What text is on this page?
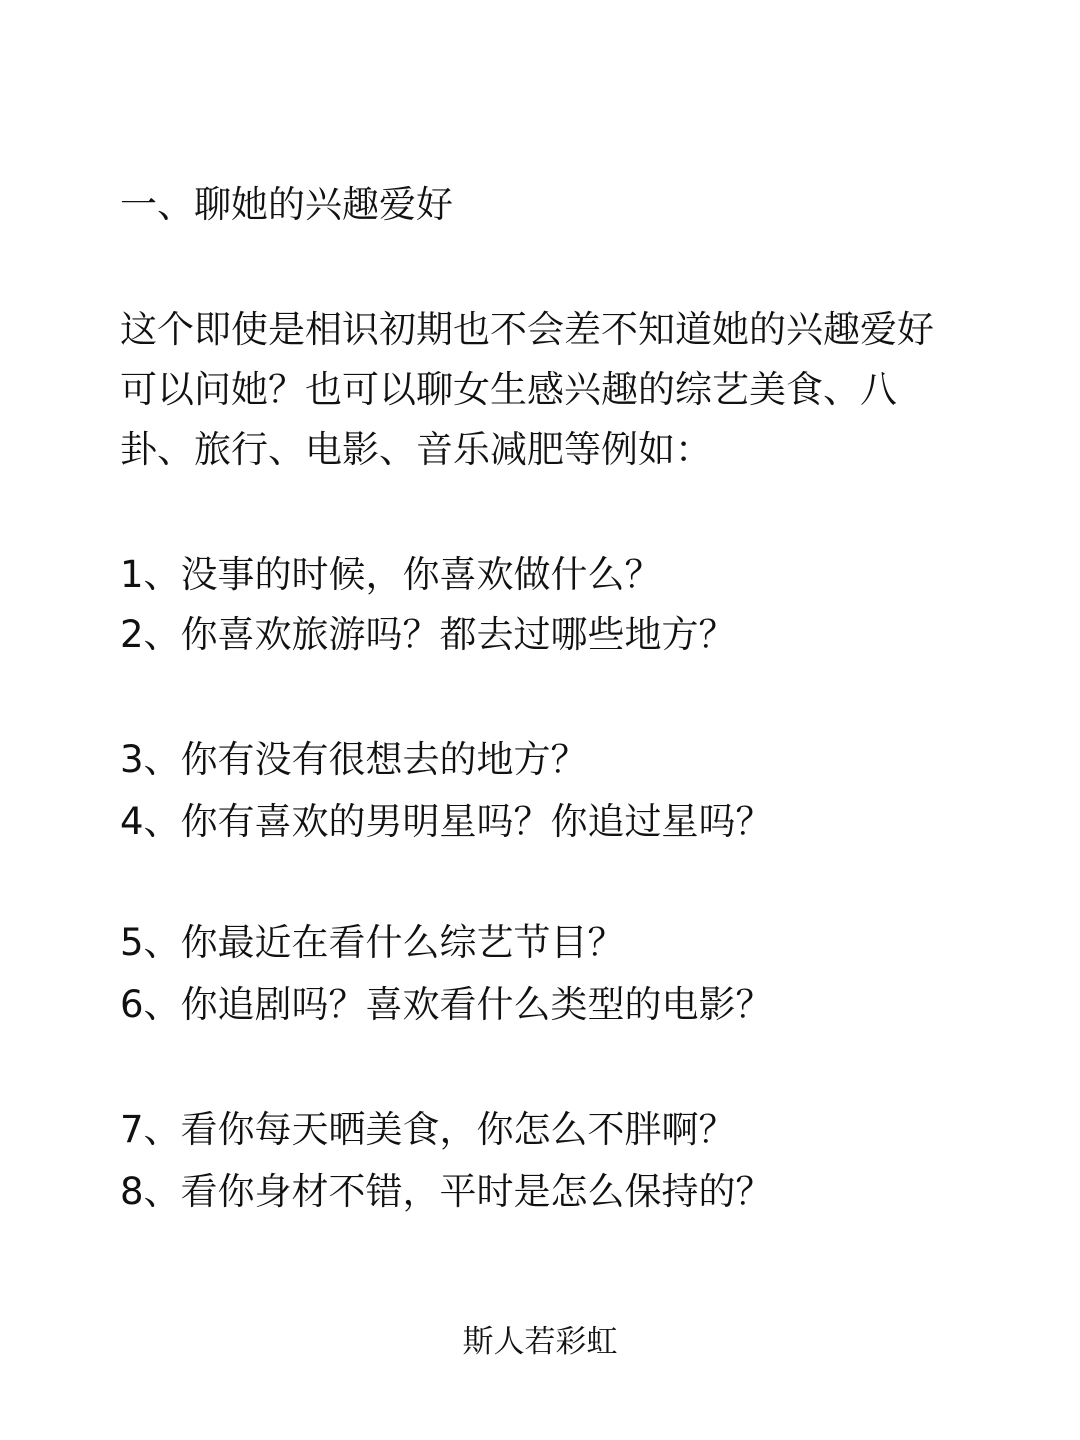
一、聊她的兴趣爱好
这个即使是相识初期也不会差不知道她的兴趣爱好
可以问她？也可以聊女生感兴趣的综艺美食、八
卦、旅行、电影、音乐减肥等例如：
1、没事的时候，你喜欢做什么？
2、你喜欢旅游吗？都去过哪些地方？
3、你有没有很想去的地方？
4、你有喜欢的男明星吗？你追过星吗？
5、你最近在看什么综艺节目？
6、你追剧吗？喜欢看什么类型的电影？
7、看你每天晒美食，你怎么不胖啊？
8、看你身材不错，平时是怎么保持的？
斯人若彩虹
